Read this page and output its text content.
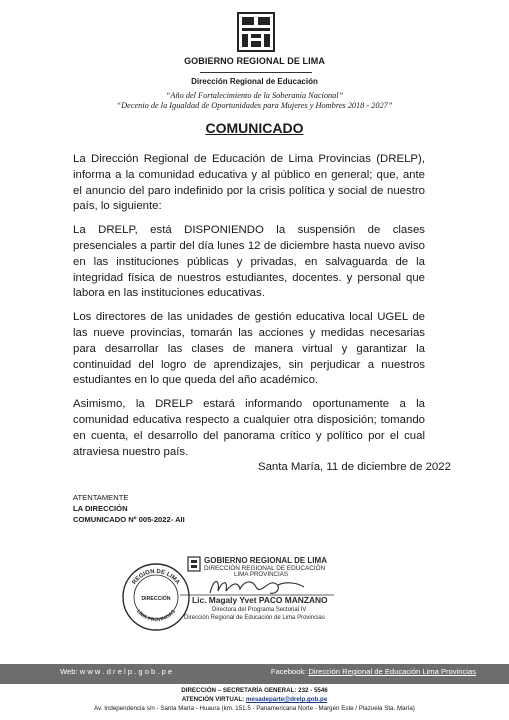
GOBIERNO REGIONAL DE LIMA
Dirección Regional de Educación
“Año del Fortalecimiento de la Soberanía Nacional”
“Decenio de la Igualdad de Oportunidades para Mujeres y Hombres 2018 - 2027”
COMUNICADO

La Dirección Regional de Educación de Lima Provincias (DRELP), informa a la comunidad educativa y al público en general; que, ante el anuncio del paro indefinido por la crisis política y social de nuestro país, lo siguiente:

La DRELP, está DISPONIENDO la suspensión de clases presenciales a partir del día lunes 12 de diciembre hasta nuevo aviso en las instituciones públicas y privadas, en salvaguarda de la integridad física de nuestros estudiantes, docentes. y personal que labora en las instituciones educativas.

Los directores de las unidades de gestión educativa local UGEL de las nueve provincias, tomarán las acciones y medidas necesarias para desarrollar las clases de manera virtual y garantizar la continuidad del logro de aprendizajes, sin perjudicar a nuestros estudiantes en lo que queda del año académico.

Asimismo, la DRELP estará informando oportunamente a la comunidad educativa respecto a cualquier otra disposición; tomando en cuenta, el desarrollo del panorama crítico y político por el cual atraviesa nuestro país.

Santa María, 11 de diciembre de 2022
ATENTAMENTE
LA DIRECCIÓN
COMUNICADO Nº 005-2022- AII
REGION DE LIMA
DIRECCIÓN
LIMA PROVINCIAS
GOBIERNO REGIONAL DE LIMA
DIRECCIÓN REGIONAL DE EDUCACIÓN
LIMA PROVINCIAS
Lic. Magaly Yvet PACO MANZANO
Directora del Programa Sectorial IV
Dirección Regional de Educación de Lima Provincias
Web: w w w . d r e l p . g o b . p e	Facebook: Dirección Regional de Educación Lima Provincias
DIRECCIÓN – SECRETARÍA GENERAL: 232 - 5546
ATENCIÓN VIRTUAL: mesadeparte@drelp.gob.pe
Av. Independencia s/n - Santa María - Huaura (km. 151.5 - Panamericana Norte - Margen Este / Plazuela Sta. María)
